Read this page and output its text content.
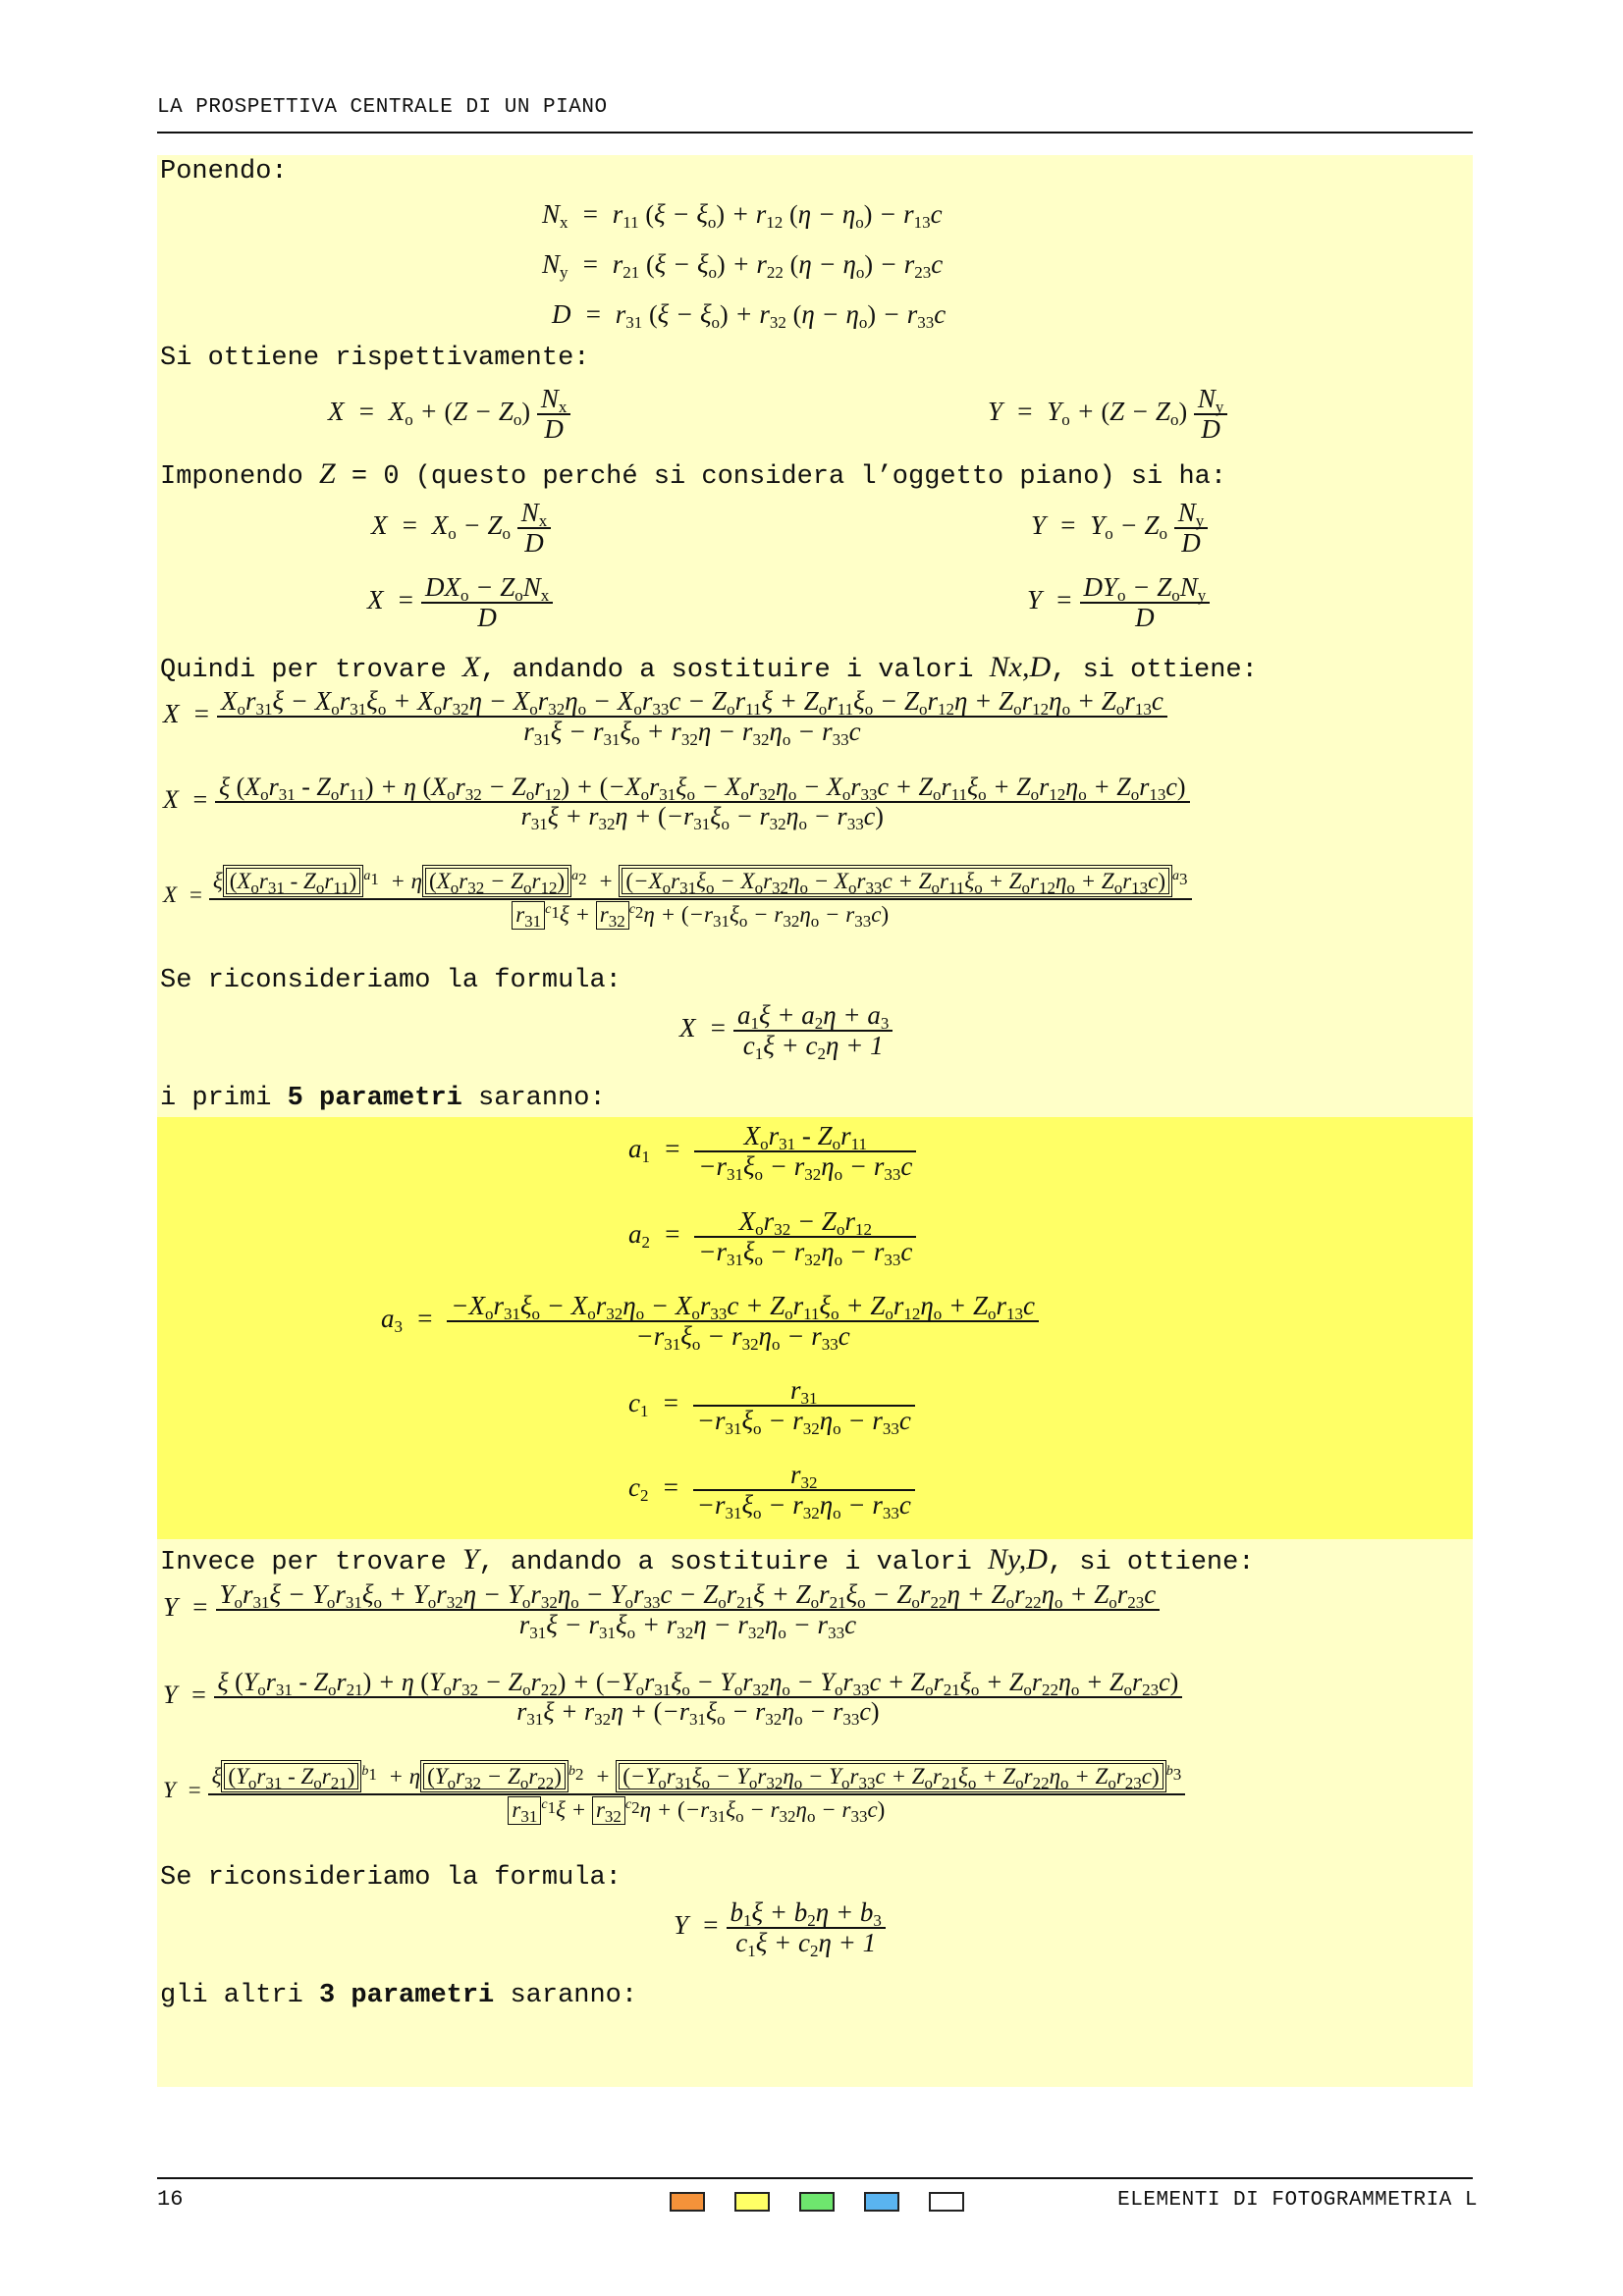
LA PROSPETTIVA CENTRALE DI UN PIANO
Ponendo:
$N_x = r_{11}$ $(\xi - \xi_o) + r_{12}$ $(\eta - \eta_o) - r_{13}c$
$N_y = r_{21}$ $(\xi - \xi_o) + r_{22}$ $(\eta - \eta_o) - r_{23}c$
$D = r_{31}$ $(\xi - \xi_o) + r_{32}$ $(\eta - \eta_o) - r_{33}c$
Si ottiene rispettivamente:
$X = X_o + (Z - Z_o) \frac{N_x}{D}$	$Y = Y_o + (Z - Z_o) \frac{N_y}{D}$
Imponendo Z = 0 (questo perché si considera l’oggetto piano) si ha:
$X = X_o - Z_o \frac{N_x}{D}$	$Y = Y_o - Z_o \frac{N_y}{D}$
$X = DX_o - Z_oN_x$
D
$Y = DY_o - Z_oN_y$
D
Quindi per trovare X, andando a sostituire i valori Nx,D, si ottiene:
$X = X_or_{31}\xi - X_or_{31}\xi_o + X_or_{32}\eta - X_or_{32}\eta_o - X_or_{33}c - Z_or_{11}\xi + Z_or_{11}\xi_o - Z_or_{12}\eta + Z_or_{12}\eta_o + Z_or_{13}c$
$r_{31}\xi - r_{31}\xi_o + r_{32}\eta - r_{32}\eta_o - r_{33}c$
X  = ξ $(X_or_{31} - Z_or_{11}) + \eta$ $(X_or_{32} - Z_or_{12}) + (-X_or_{31}\xi_o - X_or_{32}\eta_o - X_or_{33}c + Z_or_{11}\xi_o + Z_or_{12}\eta_o + Z_or_{13}c)$
$r_{31}\xi + r_{32}\eta + (-r_{31}\xi_o - r_{32}\eta_o - r_{33}c)$
X  =
ξ $(X_or_{31} - Z_or_{11}) ^{a_1} + \eta$ $(X_or_{32} - Z_or_{12}) ^{a_2} + (-X_or_{31}\xi_o - X_or_{32}\eta_o - X_or_{33}c + Z_or_{11}\xi_o + Z_or_{12}\eta_o + Z_or_{13}c)$ $^{a_3}$
$r_{31}^{c_1}\xi + r_{32}^{c_2}\eta + (-r_{31}\xi_o - r_{32}\eta_o - r_{33}c)$
Se riconsideriamo la formula:
$X = \frac{a_1\xi + a_2\eta + a_3}{c_1\xi + c_2\eta + 1}$
i primi 5 parametri saranno:
$a_1$  =	$X_or_{31} - Z_or_{11}$
$-r_{31}\xi_o - r_{32}\eta_o - r_{33}c$
$a_2$  =	$X_or_{32} - Z_or_{12}$
$-r_{31}\xi_o - r_{32}\eta_o - r_{33}c$
$a_3 = -X_or_{31}\xi_o - X_or_{32}\eta_o - X_or_{33}c + Z_or_{11}\xi_o + Z_or_{12}\eta_o + Z_or_{13}c$
$-r_{31}\xi_o - r_{32}\eta_o - r_{33}c$
$c_1 = \frac{r_{31}}{-r_{31}\xi_o - r_{32}\eta_o - r_{33}c}$
$c_2 = \frac{r_{32}}{-r_{31}\xi_o - r_{32}\eta_o - r_{33}c}$
Invece per trovare Y, andando a sostituire i valori Ny,D, si ottiene:
$Y = Y_or_{31}\xi - Y_or_{31}\xi_o + Y_or_{32}\eta - Y_or_{32}\eta_o - Y_or_{33}c - Z_or_{21}\xi + Z_or_{21}\xi_o - Z_or_{22}\eta + Z_or_{22}\eta_o + Z_or_{23}c$
$r_{31}\xi - r_{31}\xi_o + r_{32}\eta - r_{32}\eta_o - r_{33}c$
Y  = ξ $(Y_or_{31} - Z_or_{21}) + \eta$ $(Y_or_{32} - Z_or_{22}) + (-Y_or_{31}\xi_o - Y_or_{32}\eta_o - Y_or_{33}c + Z_or_{21}\xi_o + Z_or_{22}\eta_o + Z_or_{23}c)$
$r_{31}\xi + r_{32}\eta + (-r_{31}\xi_o - r_{32}\eta_o - r_{33}c)$
Y  =
ξ $(Y_or_{31} - Z_or_{21}) ^{b_1} + \eta$ $(Y_or_{32} - Z_or_{22}) ^{b_2} + (-Y_or_{31}\xi_o - Y_or_{32}\eta_o - Y_or_{33}c + Z_or_{21}\xi_o + Z_or_{22}\eta_o + Z_or_{23}c)$ $^{b_3}$
$r_{31}^{c_1}\xi + r_{32}^{c_2}\eta + (-r_{31}\xi_o - r_{32}\eta_o - r_{33}c)$
Se riconsideriamo la formula:
$Y = \frac{b_1\xi + b_2\eta + b_3}{c_1\xi + c_2\eta + 1}$
gli altri 3 parametri saranno:
16	ELEMENTI DI FOTOGRAMMETRIA L
